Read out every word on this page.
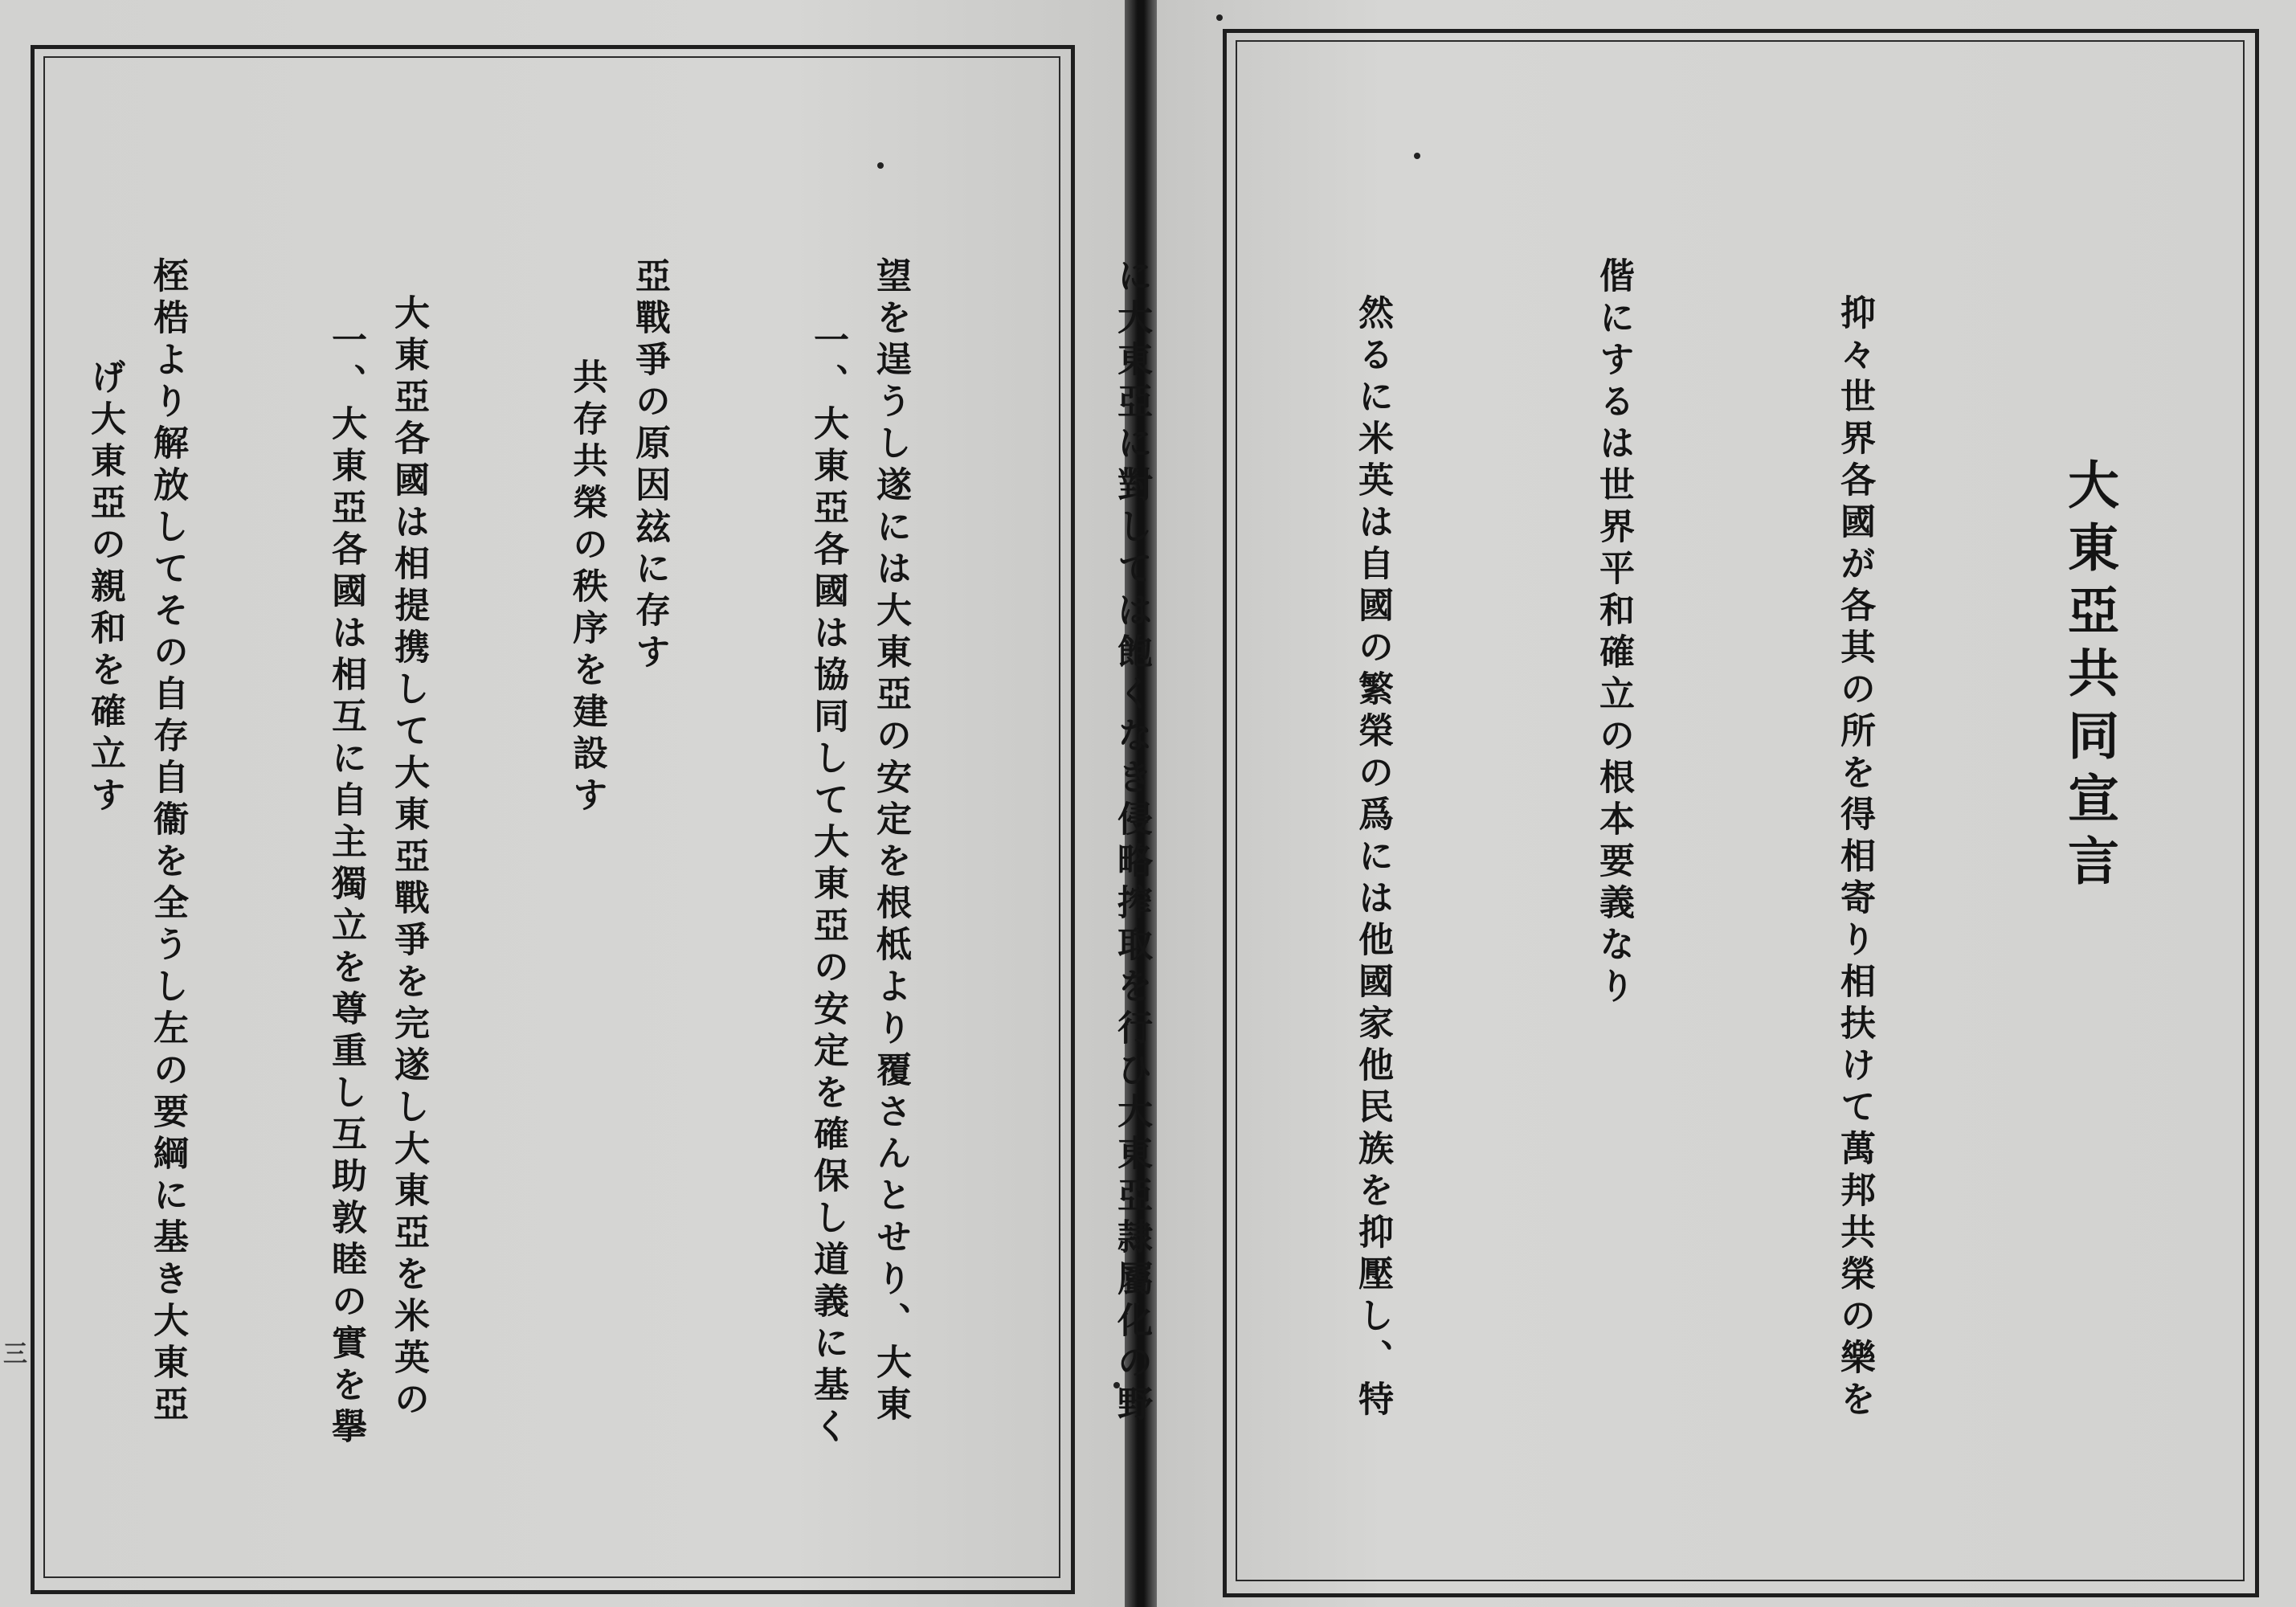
一、大東亞各國は協同して大東亞の安定を確保し道義に基く

共存共榮の秩序を建設す

一、大東亞各國は相互に自主獨立を尊重し互助敦睦の實を擧

げ大東亞の親和を確立す

三
大東亞共同宣言

抑々世界各國が各其の所を得相寄り相扶けて萬邦共榮の樂を

偕にするは世界平和確立の根本要義なり

然るに米英は自國の繁榮の爲には他國家他民族を抑壓し、特

に大東亞に對しては飽くなき侵略搾取を行ひ大東亞隷屬化の野

望を逞うし遂には大東亞の安定を根柢より覆さんとせり、大東

亞戰爭の原因玆に存す

大東亞各國は相提携して大東亞戰爭を完遂し大東亞を米英の

桎梏より解放してその自存自衞を全うし左の要綱に基き大東亞
